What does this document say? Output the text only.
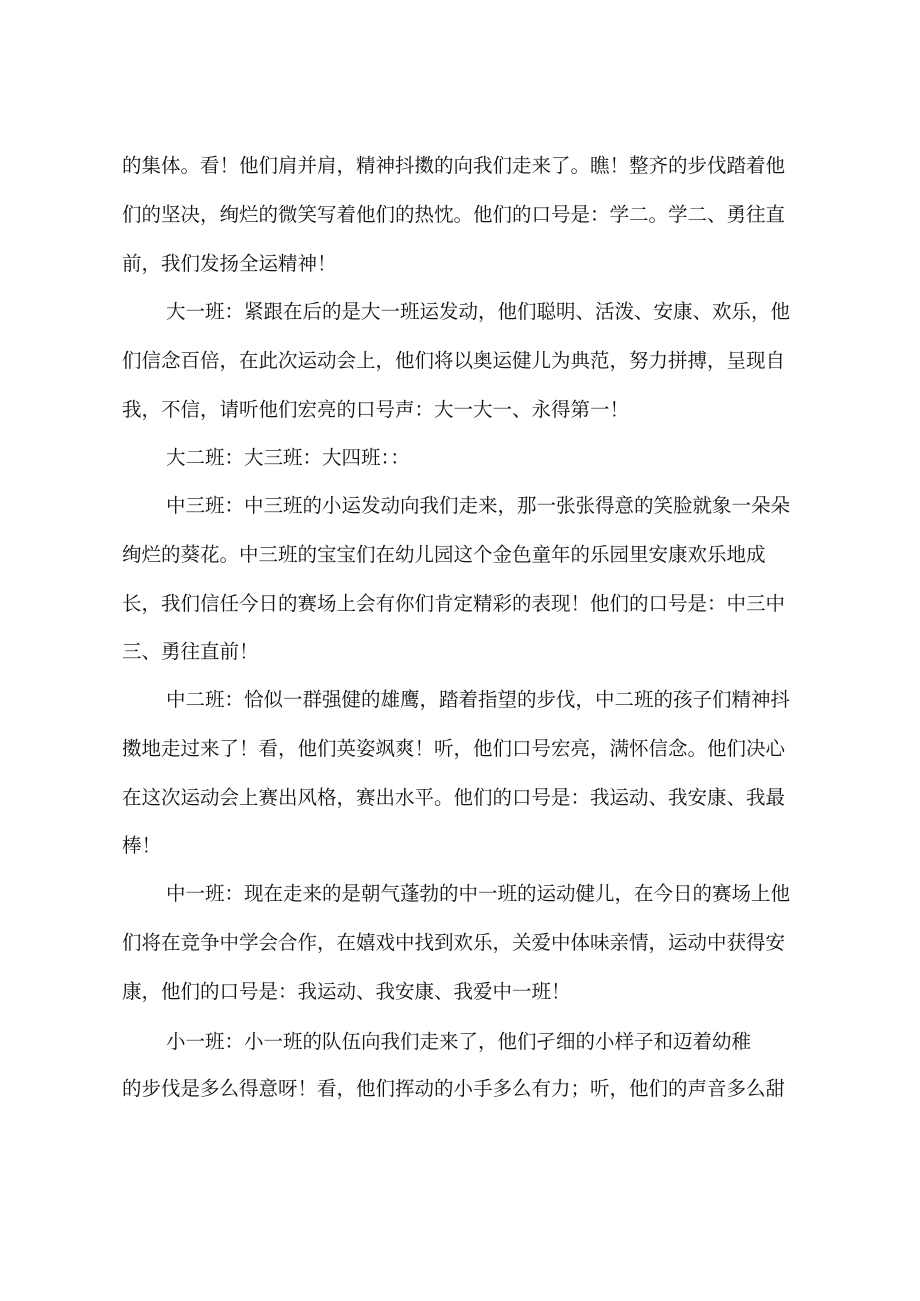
的集体。看！他们肩并肩，精神抖擞的向我们走来了。瞧！整齐的步伐踏着他
们的坚决，绚烂的微笑写着他们的热忱。他们的口号是：学二。学二、勇往直
前，我们发扬全运精神！
大一班：紧跟在后的是大一班运发动，他们聪明、活泼、安康、欢乐，他
们信念百倍，在此次运动会上，他们将以奥运健儿为典范，努力拼搏，呈现自
我，不信，请听他们宏亮的口号声：大一大一、永得第一！
大二班：大三班：大四班：：
中三班：中三班的小运发动向我们走来，那一张张得意的笑脸就象一朵朵
绚烂的葵花。中三班的宝宝们在幼儿园这个金色童年的乐园里安康欢乐地成
长，我们信任今日的赛场上会有你们肯定精彩的表现！他们的口号是：中三中
三、勇往直前！
中二班：恰似一群强健的雄鹰，踏着指望的步伐，中二班的孩子们精神抖
擞地走过来了！看，他们英姿飒爽！听，他们口号宏亮，满怀信念。他们决心
在这次运动会上赛出风格，赛出水平。他们的口号是：我运动、我安康、我最
棒！
中一班：现在走来的是朝气蓬勃的中一班的运动健儿，在今日的赛场上他
们将在竞争中学会合作，在嬉戏中找到欢乐，关爱中体味亲情，运动中获得安
康，他们的口号是：我运动、我安康、我爱中一班！
小一班：小一班的队伍向我们走来了，他们孑细的小样子和迈着幼稚
的步伐是多么得意呀！看，他们挥动的小手多么有力；听，他们的声音多么甜
